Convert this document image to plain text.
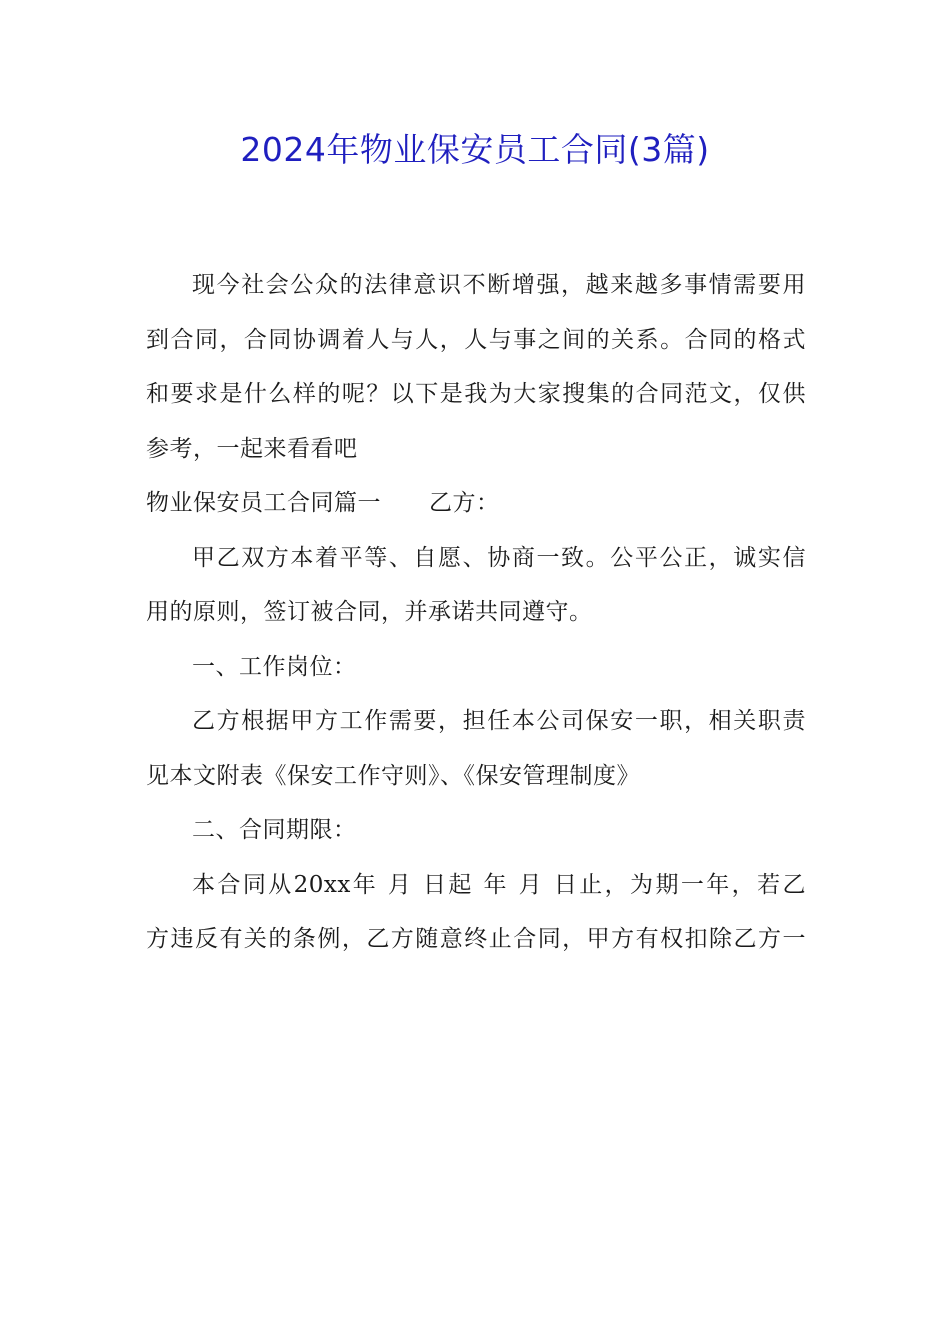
2024年物业保安员工合同(3篇)
现今社会公众的法律意识不断增强，越来越多事情需要用
到合同，合同协调着人与人，人与事之间的关系。合同的格式
和要求是什么样的呢？以下是我为大家搜集的合同范文，仅供
参考，一起来看看吧
物业保安员工合同篇一 乙方：
甲乙双方本着平等、自愿、协商一致。公平公正，诚实信
用的原则，签订被合同，并承诺共同遵守。
一、工作岗位：
乙方根据甲方工作需要，担任本公司保安一职，相关职责
见本文附表《保安工作守则》、《保安管理制度》
二、合同期限：
本合同从20xx年 月 日起 年 月 日止，为期一年，若乙
方违反有关的条例，乙方随意终止合同，甲方有权扣除乙方一
